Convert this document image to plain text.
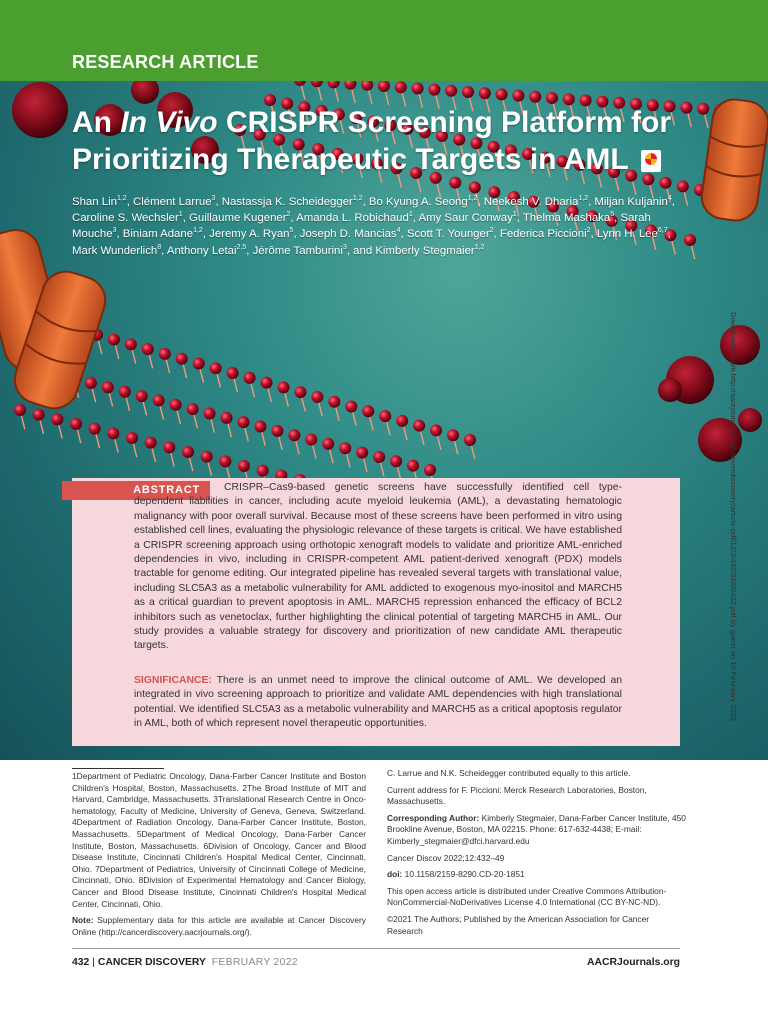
RESEARCH ARTICLE
An In Vivo CRISPR Screening Platform for Prioritizing Therapeutic Targets in AML
Shan Lin$^{1,2}$, Clément Larrue$^3$, Nastassja K. Scheidegger$^{1,2}$, Bo Kyung A. Seong$^{1,2}$, Neekesh V. Dharia$^{1,2}$, Miljan Kuljanin$^4$, Caroline S. Wechsler$^1$, Guillaume Kugener$^2$, Amanda L. Robichaud$^1$, Amy Saur Conway$^1$, Thelma Mashaka$^5$, Sarah Mouche$^3$, Biniam Adane$^{1,2}$, Jeremy A. Ryan$^5$, Joseph D. Mancias$^4$, Scott T. Younger$^2$, Federica Piccioni$^2$, Lynn H. Lee$^{6,7}$, Mark Wunderlich$^8$, Anthony Letai$^{2,5}$, Jérôme Tamburini$^3$, and Kimberly Stegmaier$^{1,2}$
ABSTRACT	CRISPR–Cas9-based genetic screens have successfully identified cell type-dependent liabilities in cancer, including acute myeloid leukemia (AML), a devastating hematologic malignancy with poor overall survival. Because most of these screens have been performed in vitro using established cell lines, evaluating the physiologic relevance of these targets is critical. We have established a CRISPR screening approach using orthotopic xenograft models to validate and prioritize AML-enriched dependencies in vivo, including in CRISPR-competent AML patient-derived xenograft (PDX) models tractable for genome editing. Our integrated pipeline has revealed several targets with translational value, including SLC5A3 as a metabolic vulnerability for AML addicted to exogenous myo-inositol and MARCH5 as a critical guardian to prevent apoptosis in AML. MARCH5 repression enhanced the efficacy of BCL2 inhibitors such as venetoclax, further highlighting the clinical potential of targeting MARCH5 in AML. Our study provides a valuable strategy for discovery and prioritization of new candidate AML therapeutic targets.

SIGNIFICANCE: There is an unmet need to improve the clinical outcome of AML. We developed an integrated in vivo screening approach to prioritize and validate AML dependencies with high translational potential. We identified SLC5A3 as a metabolic vulnerability and MARCH5 as a critical apoptosis regulator in AML, both of which represent novel therapeutic opportunities.

Downloaded from http://aacrjournals.org/cancerdiscovery/article-pdf/12/2/432/3262/432.pdf by guest on 10 February 2025

1Department of Pediatric Oncology, Dana-Farber Cancer Institute and Boston Children's Hospital, Boston, Massachusetts. 2The Broad Institute of MIT and Harvard, Cambridge, Massachusetts. 3Translational Research Centre in Onco-hematology, Faculty of Medicine, University of Geneva, Geneva, Switzerland. 4Department of Radiation Oncology, Dana-Farber Cancer Institute, Boston, Massachusetts. 5Department of Medical Oncology, Dana-Farber Cancer Institute, Boston, Massachusetts. 6Division of Oncology, Cancer and Blood Disease Institute, Cincinnati Children's Hospital Medical Center, Cincinnati, Ohio. 7Department of Pediatrics, University of Cincinnati College of Medicine, Cincinnati, Ohio. 8Division of Experimental Hematology and Cancer Biology, Cancer and Blood Disease Institute, Cincinnati Children's Hospital Medical Center, Cincinnati, Ohio.

Note: Supplementary data for this article are available at Cancer Discovery Online (http://cancerdiscovery.aacrjournals.org/).

C. Larrue and N.K. Scheidegger contributed equally to this article.

Current address for F. Piccioni: Merck Research Laboratories, Boston, Massachusetts.

Corresponding Author: Kimberly Stegmaier, Dana-Farber Cancer Institute, 450 Brookline Avenue, Boston, MA 02215. Phone: 617-632-4438; E-mail: Kimberly_stegmaier@dfci.harvard.edu

Cancer Discov 2022;12:432–49

doi: 10.1158/2159-8290.CD-20-1851

This open access article is distributed under Creative Commons Attribution-NonCommercial-NoDerivatives License 4.0 International (CC BY-NC-ND).

©2021 The Authors; Published by the American Association for Cancer Research

432 | CANCER DISCOVERY FEBRUARY 2022	AACRJournals.org
